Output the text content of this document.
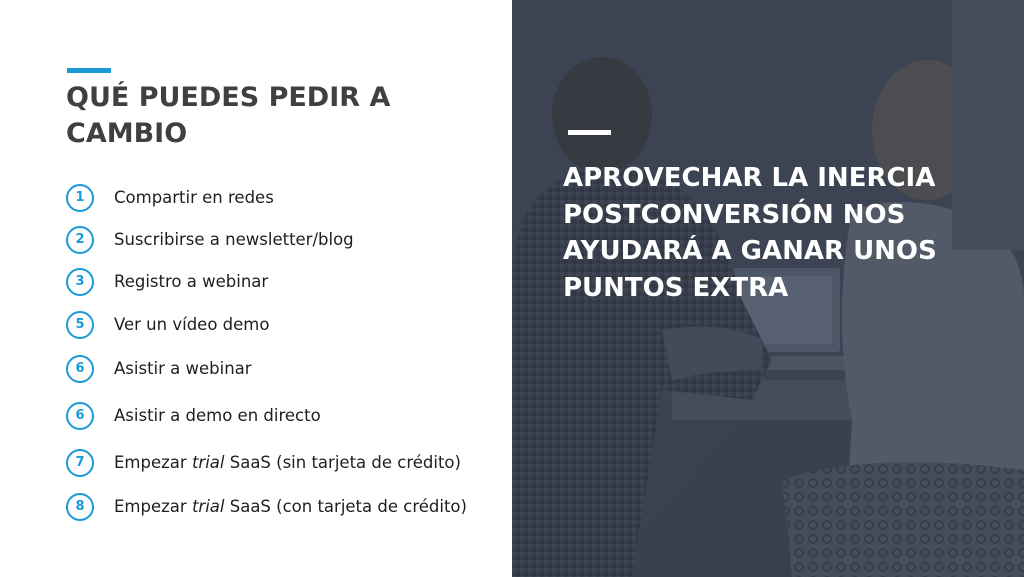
QUÉ PUEDES PEDIR A CAMBIO
1	Compartir en redes
2	Suscribirse a newsletter/blog
3	Registro a webinar
5	Ver un vídeo demo
6	Asistir a webinar
6	Asistir a demo en directo
7	Empezar trial SaaS (sin tarjeta de crédito)
8	Empezar trial SaaS (con tarjeta de crédito)

APROVECHAR LA INERCIA POSTCONVERSIÓN NOS AYUDARÁ A GANAR UNOS PUNTOS EXTRA
